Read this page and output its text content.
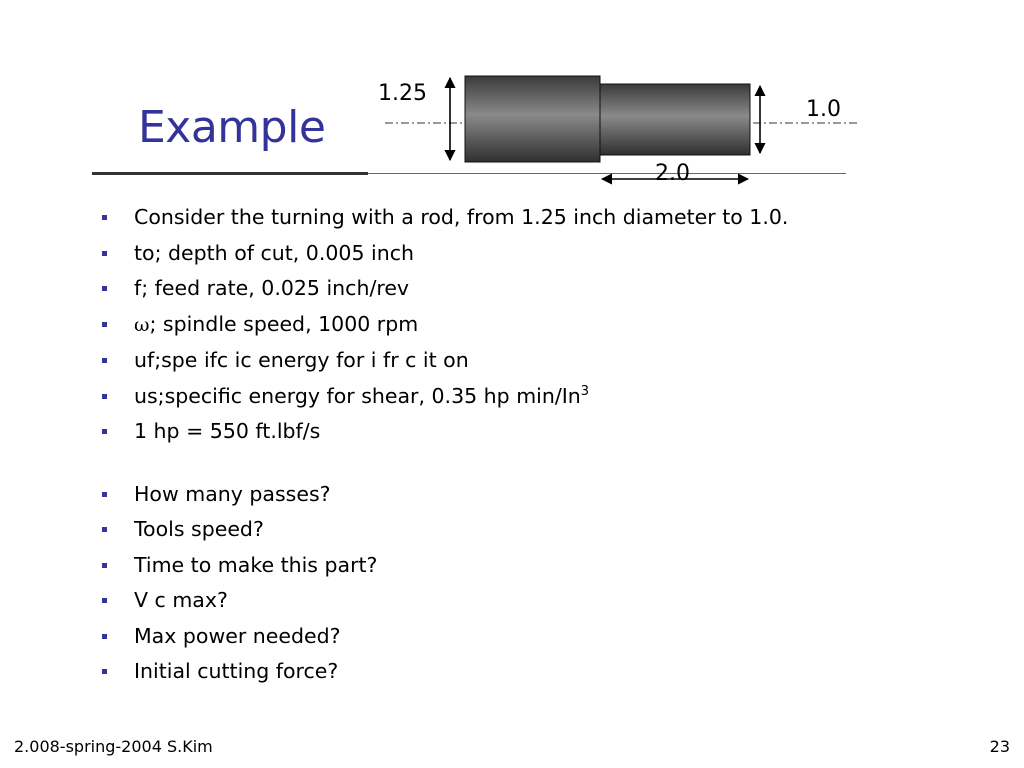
Example
1.25
1.0
2.0
Consider the turning with a rod, from 1.25 inch diameter to 1.0.
to; depth of cut, 0.005 inch
f; feed rate, 0.025 inch/rev
ω; spindle speed, 1000 rpm
uf;spe ifc ic energy for i fr c it on
us;specific energy for shear, 0.35 hp min/In$^3$
1 hp = 550 ft.lbf/s
How many passes?
Tools speed?
Time to make this part?
V c max?
Max power needed?
Initial cutting force?
2.008-spring-2004 S.Kim	23
